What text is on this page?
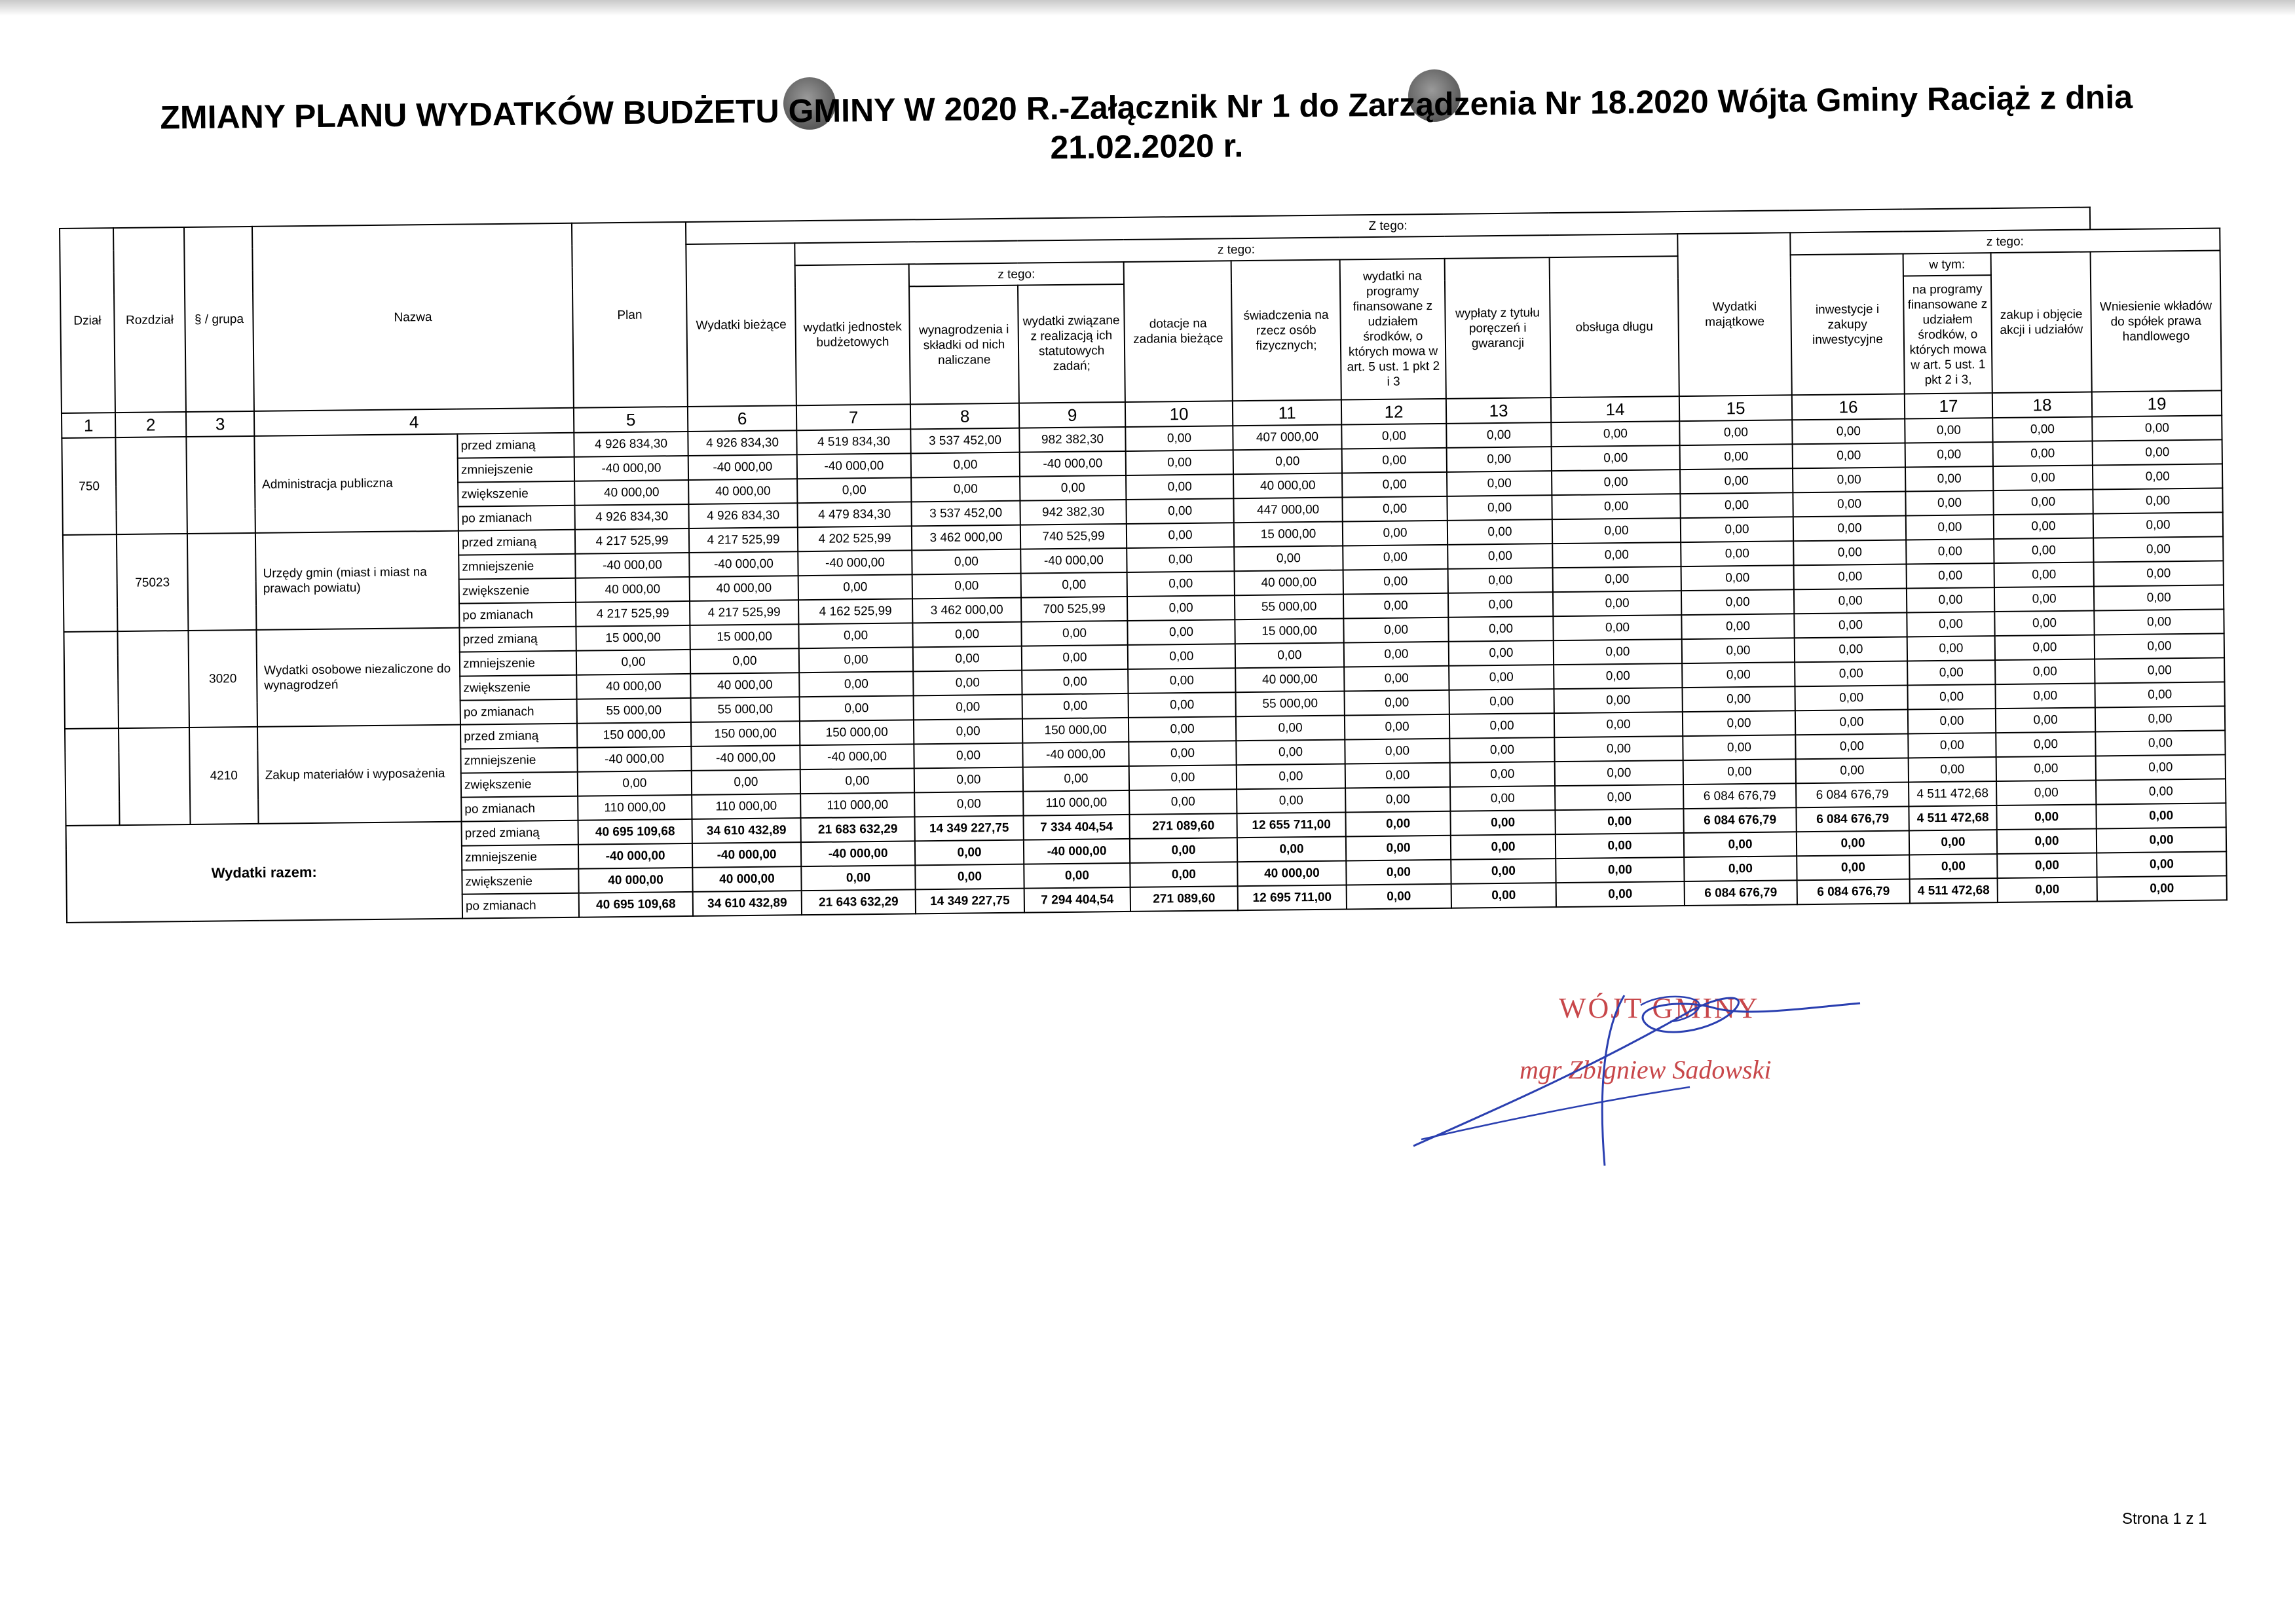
ZMIANY PLANU WYDATKÓW BUDŻETU GMINY W 2020 R.-Załącznik Nr 1 do Zarządzenia Nr 18.2020 Wójta Gminy Raciąż z dnia
21.02.2020 r.
Dział	Rozdział	§ / grupa	Nazwa		Plan	Z tego:													
						Wydatki bieżące	z tego:								Wydatki majątkowe	z tego:			
							wydatki jednostek budżetowych	z tego:		dotacje na zadania bieżące	świadczenia na rzecz osób fizycznych;	wydatki na programy finansowane z udziałem środków, o których mowa w art. 5 ust. 1 pkt 2 i 3	wypłaty z tytułu poręczeń i gwarancji	obsługa długu		inwestycje i zakupy inwestycyjne	w tym:	zakup i objęcie akcji i udziałów	Wniesienie wkładów do spółek prawa handlowego
								wynagrodzenia i składki od nich naliczane	wydatki związane z realizacją ich statutowych zadań;								na programy finansowane z udziałem środków, o których mowa w art. 5 ust. 1 pkt 2 i 3,		
1	2	3	4		5	6	7	8	9	10	11	12	13	14	15	16	17	18	19
750			Administracja publiczna	przed zmianą	4 926 834,30	4 926 834,30	4 519 834,30	3 537 452,00	982 382,30	0,00	407 000,00	0,00	0,00	0,00	0,00	0,00	0,00	0,00	0,00
				zmniejszenie	-40 000,00	-40 000,00	-40 000,00	0,00	-40 000,00	0,00	0,00	0,00	0,00	0,00	0,00	0,00	0,00	0,00	0,00
				zwiększenie	40 000,00	40 000,00	0,00	0,00	0,00	0,00	40 000,00	0,00	0,00	0,00	0,00	0,00	0,00	0,00	0,00
				po zmianach	4 926 834,30	4 926 834,30	4 479 834,30	3 537 452,00	942 382,30	0,00	447 000,00	0,00	0,00	0,00	0,00	0,00	0,00	0,00	0,00
	75023		Urzędy gmin (miast i miast na prawach powiatu)	przed zmianą	4 217 525,99	4 217 525,99	4 202 525,99	3 462 000,00	740 525,99	0,00	15 000,00	0,00	0,00	0,00	0,00	0,00	0,00	0,00	0,00
				zmniejszenie	-40 000,00	-40 000,00	-40 000,00	0,00	-40 000,00	0,00	0,00	0,00	0,00	0,00	0,00	0,00	0,00	0,00	0,00
				zwiększenie	40 000,00	40 000,00	0,00	0,00	0,00	0,00	40 000,00	0,00	0,00	0,00	0,00	0,00	0,00	0,00	0,00
				po zmianach	4 217 525,99	4 217 525,99	4 162 525,99	3 462 000,00	700 525,99	0,00	55 000,00	0,00	0,00	0,00	0,00	0,00	0,00	0,00	0,00
		3020	Wydatki osobowe niezaliczone do wynagrodzeń	przed zmianą	15 000,00	15 000,00	0,00	0,00	0,00	0,00	15 000,00	0,00	0,00	0,00	0,00	0,00	0,00	0,00	0,00
				zmniejszenie	0,00	0,00	0,00	0,00	0,00	0,00	0,00	0,00	0,00	0,00	0,00	0,00	0,00	0,00	0,00
				zwiększenie	40 000,00	40 000,00	0,00	0,00	0,00	0,00	40 000,00	0,00	0,00	0,00	0,00	0,00	0,00	0,00	0,00
				po zmianach	55 000,00	55 000,00	0,00	0,00	0,00	0,00	55 000,00	0,00	0,00	0,00	0,00	0,00	0,00	0,00	0,00
		4210	Zakup materiałów i wyposażenia	przed zmianą	150 000,00	150 000,00	150 000,00	0,00	150 000,00	0,00	0,00	0,00	0,00	0,00	0,00	0,00	0,00	0,00	0,00
				zmniejszenie	-40 000,00	-40 000,00	-40 000,00	0,00	-40 000,00	0,00	0,00	0,00	0,00	0,00	0,00	0,00	0,00	0,00	0,00
				zwiększenie	0,00	0,00	0,00	0,00	0,00	0,00	0,00	0,00	0,00	0,00	0,00	0,00	0,00	0,00	0,00
				po zmianach	110 000,00	110 000,00	110 000,00	0,00	110 000,00	0,00	0,00	0,00	0,00	0,00	6 084 676,79	6 084 676,79	4 511 472,68	0,00	0,00
Wydatki razem:				przed zmianą	40 695 109,68	34 610 432,89	21 683 632,29	14 349 227,75	7 334 404,54	271 089,60	12 655 711,00	0,00	0,00	0,00	6 084 676,79	6 084 676,79	4 511 472,68	0,00	0,00
				zmniejszenie	-40 000,00	-40 000,00	-40 000,00	0,00	-40 000,00	0,00	0,00	0,00	0,00	0,00	0,00	0,00	0,00	0,00	0,00
				zwiększenie	40 000,00	40 000,00	0,00	0,00	0,00	0,00	40 000,00	0,00	0,00	0,00	0,00	0,00	0,00	0,00	0,00
				po zmianach	40 695 109,68	34 610 432,89	21 643 632,29	14 349 227,75	7 294 404,54	271 089,60	12 695 711,00	0,00	0,00	0,00	6 084 676,79	6 084 676,79	4 511 472,68	0,00	0,00
WÓJT GMINY
mgr Zbigniew Sadowski
Strona 1 z 1
